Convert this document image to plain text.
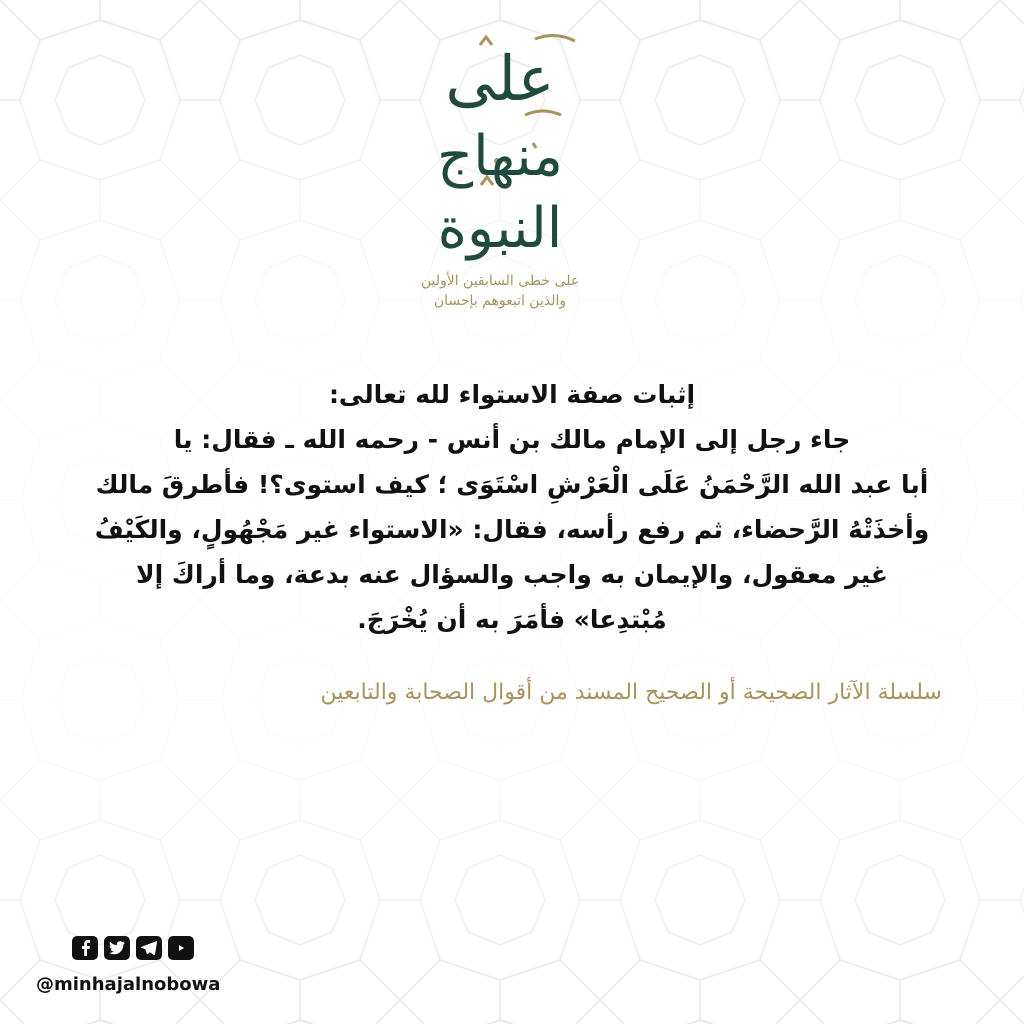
على
منهاج
النبوة
على خطى السابقين الأولين
والذين اتبعوهم بإحسان
إثبات صفة الاستواء لله تعالى:
جاء رجل إلى الإمام مالك بن أنس - رحمه الله ـ فقال: يا
أبا عبد الله الرَّحْمَنُ عَلَى الْعَرْشِ اسْتَوَى ؛ كيف استوى؟! فأطرقَ مالك
وأخذَتْهُ الرَّحضاء، ثم رفع رأسه، فقال: «الاستواء غير مَجْهُولٍ، والكَيْفُ
غير معقول، والإيمان به واجب والسؤال عنه بدعة، وما أراكَ إلا
مُبْتدِعا» فأمَرَ به أن يُخْرَجَ.
سلسلة الآثار الصحيحة أو الصحيح المسند من أقوال الصحابة والتابعين
@minhajalnobowa
